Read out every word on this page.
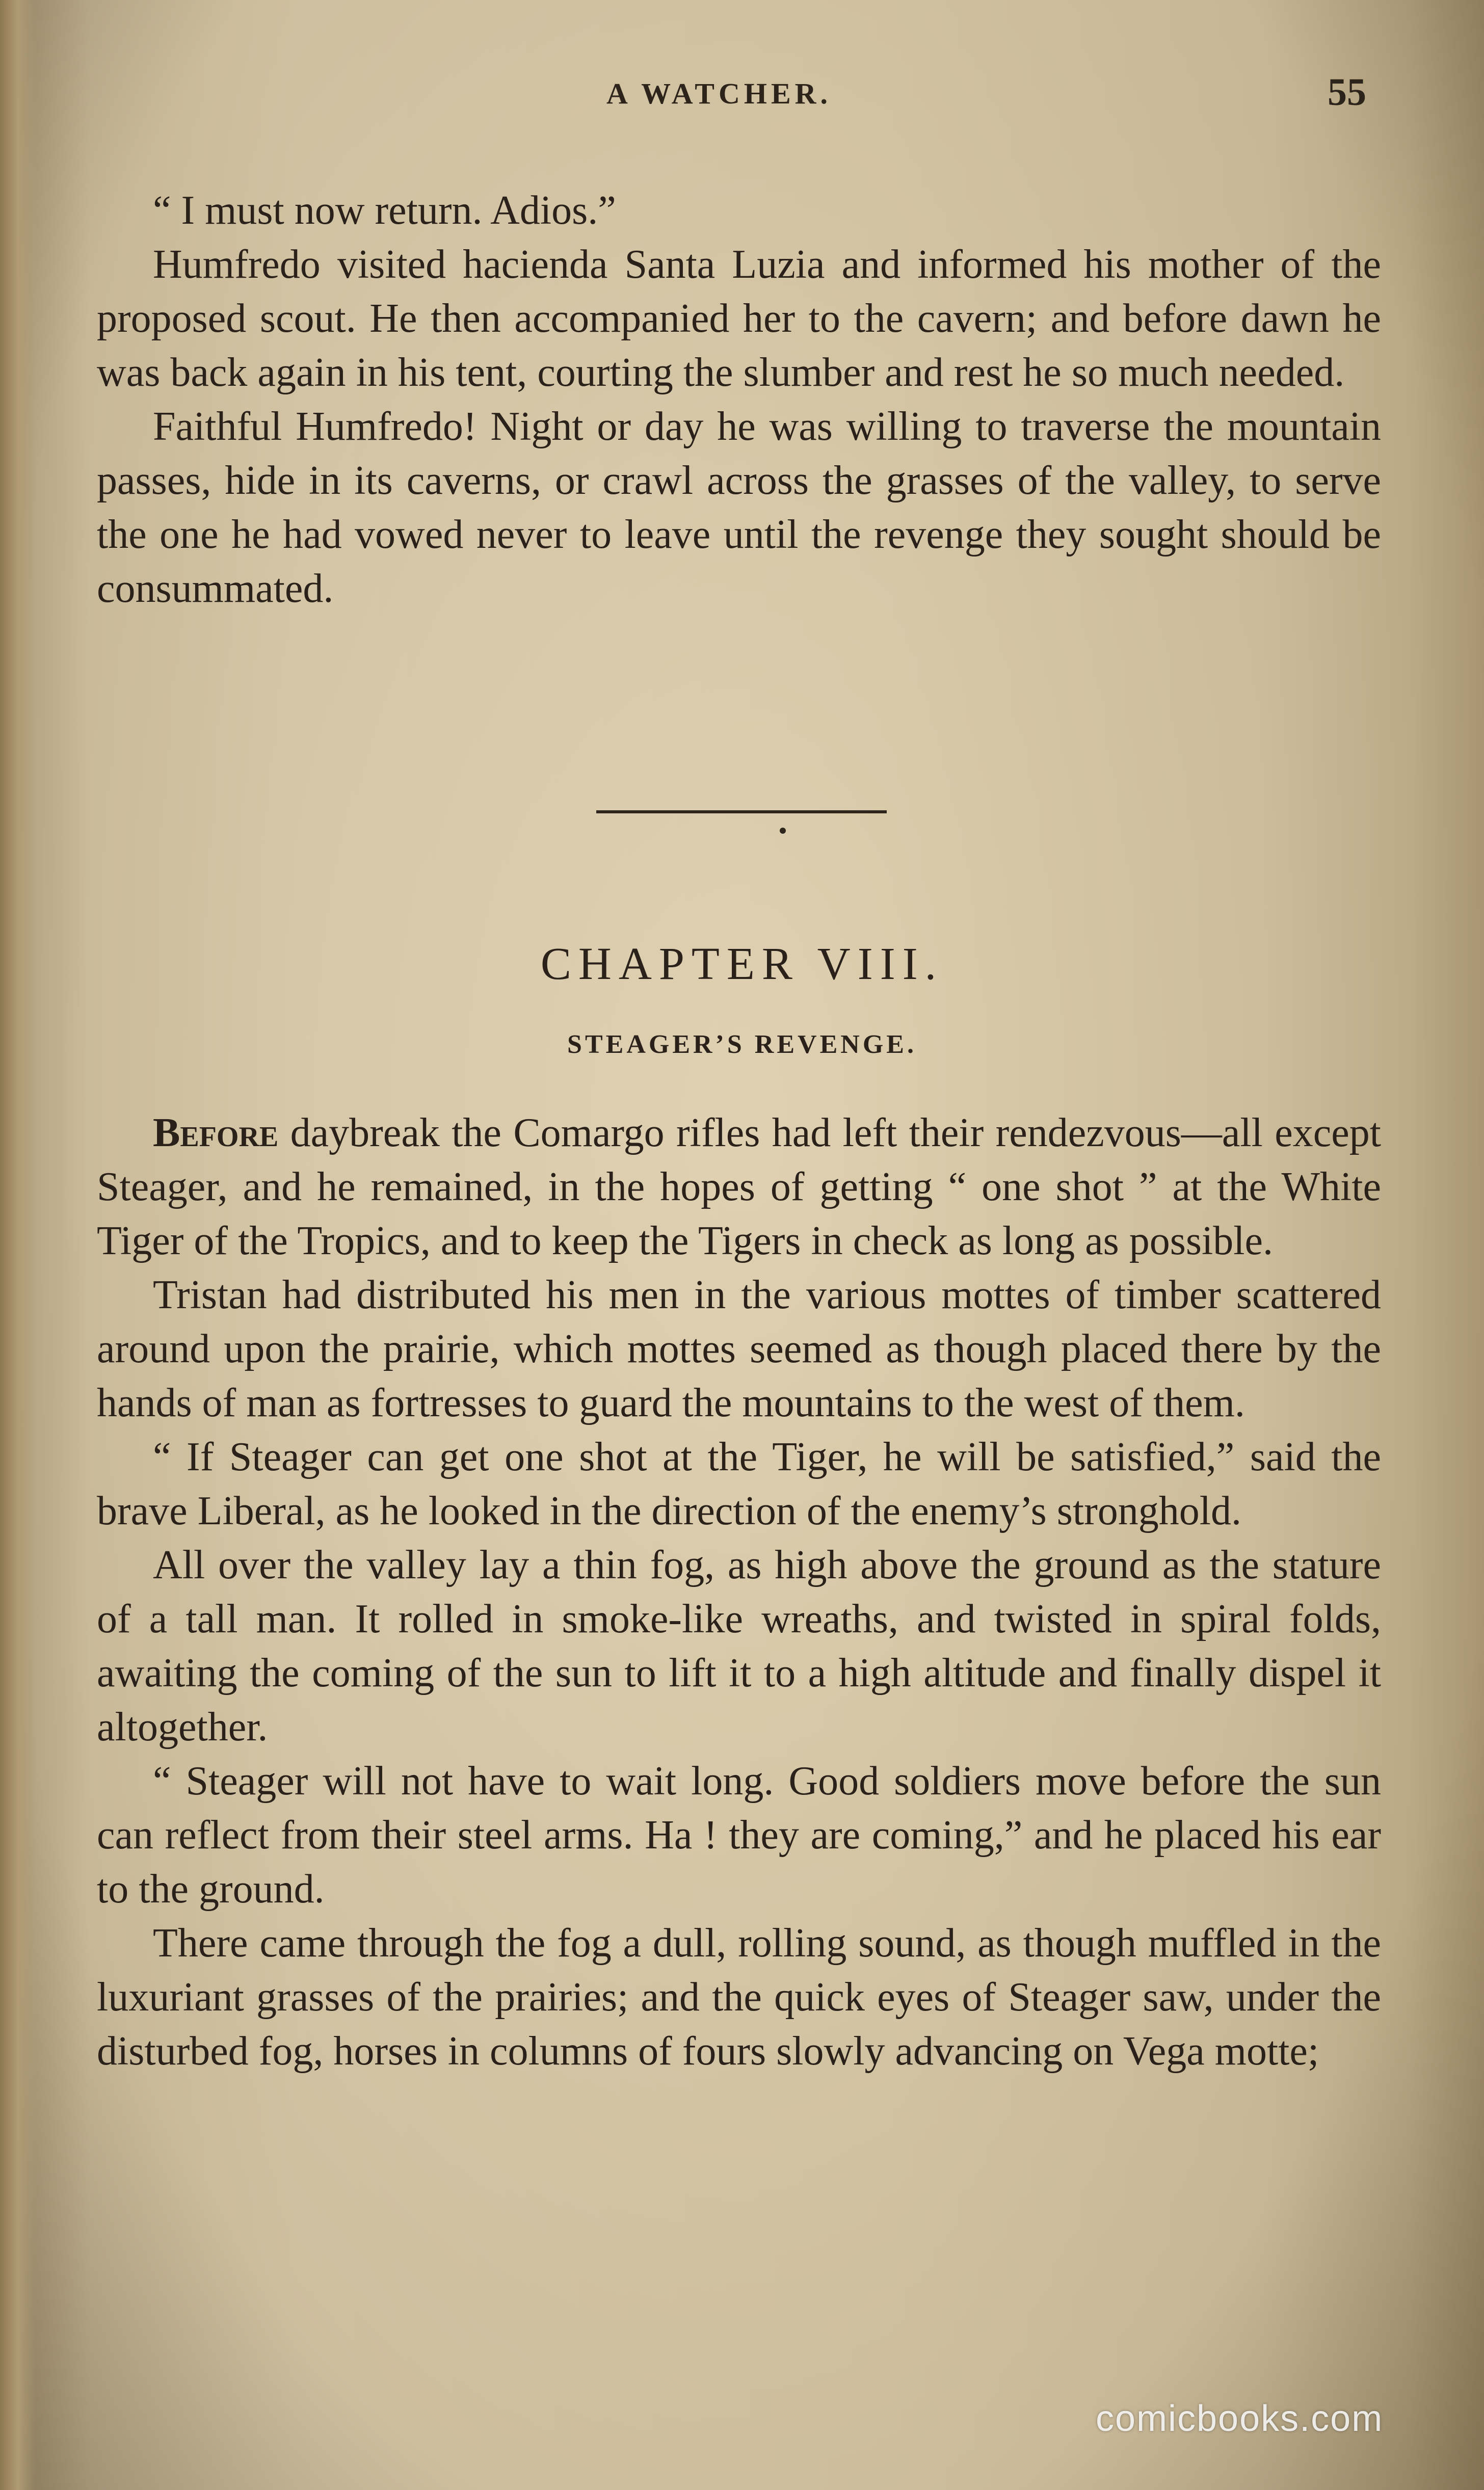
A WATCHER.	55

“ I must now return. Adios.”

Humfredo visited hacienda Santa Luzia and informed his mother of the proposed scout. He then accompanied her to the cavern; and before dawn he was back again in his tent, courting the slumber and rest he so much needed.

Faithful Humfredo! Night or day he was willing to traverse the mountain passes, hide in its caverns, or crawl across the grasses of the valley, to serve the one he had vowed never to leave until the revenge they sought should be consummated.

CHAPTER VIII.
STEAGER’S REVENGE.

Before daybreak the Comargo rifles had left their rendezvous—all except Steager, and he remained, in the hopes of getting “ one shot ” at the White Tiger of the Tropics, and to keep the Tigers in check as long as possible.

Tristan had distributed his men in the various mottes of timber scattered around upon the prairie, which mottes seemed as though placed there by the hands of man as fortresses to guard the mountains to the west of them.

“ If Steager can get one shot at the Tiger, he will be satisfied,” said the brave Liberal, as he looked in the direction of the enemy’s stronghold.

All over the valley lay a thin fog, as high above the ground as the stature of a tall man. It rolled in smoke-like wreaths, and twisted in spiral folds, awaiting the coming of the sun to lift it to a high altitude and finally dispel it altogether.

“ Steager will not have to wait long. Good soldiers move before the sun can reflect from their steel arms. Ha ! they are coming,” and he placed his ear to the ground.

There came through the fog a dull, rolling sound, as though muffled in the luxuriant grasses of the prairies; and the quick eyes of Steager saw, under the disturbed fog, horses in columns of fours slowly advancing on Vega motte;

comicbooks.com
